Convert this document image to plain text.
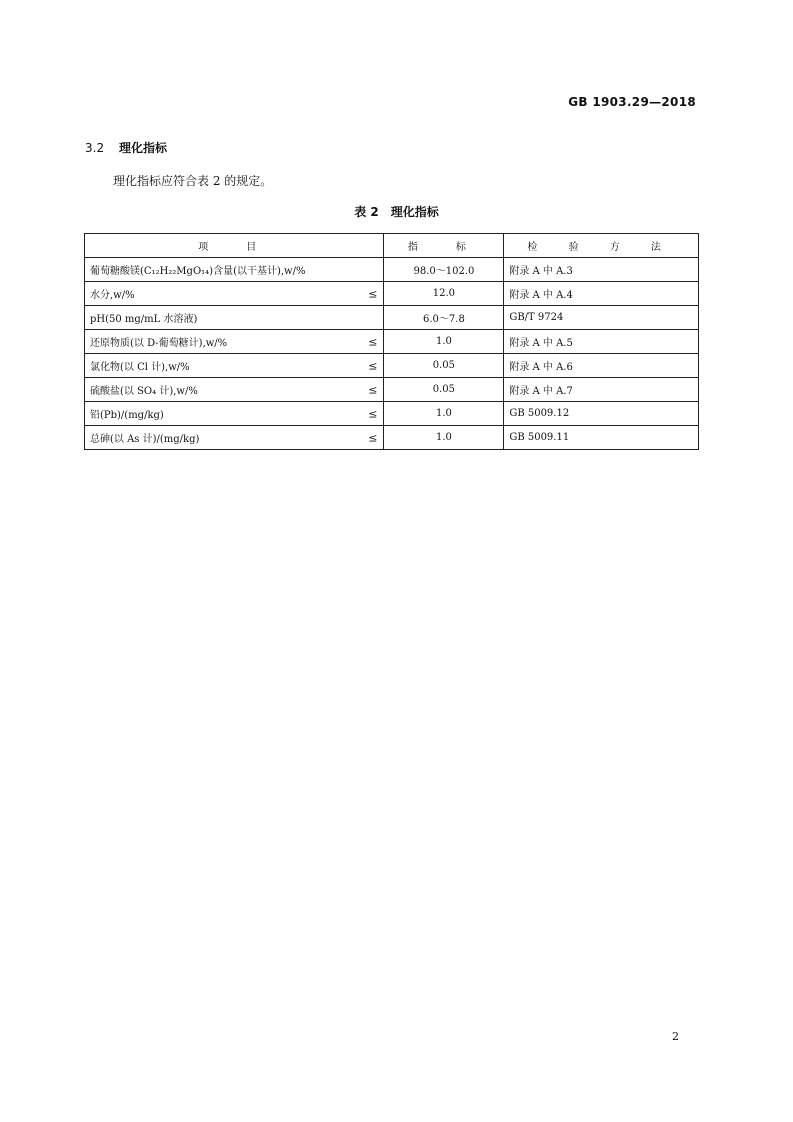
GB 1903.29—2018
3.2 理化指标
理化指标应符合表 2 的规定。
表 2 理化指标
项　目	指　标	检 验 方 法
葡萄糖酸镁(C₁₂H₂₂MgO₁₄)含量(以干基计),w/%	98.0～102.0	附录 A 中 A.3
水分,w/% ≤	12.0	附录 A 中 A.4
pH(50 mg/mL 水溶液)	6.0～7.8	GB/T 9724
还原物质(以 D-葡萄糖计),w/% ≤	1.0	附录 A 中 A.5
氯化物(以 Cl 计),w/% ≤	0.05	附录 A 中 A.6
硫酸盐(以 SO₄ 计),w/% ≤	0.05	附录 A 中 A.7
铅(Pb)/(mg/kg) ≤	1.0	GB 5009.12
总砷(以 As 计)/(mg/kg) ≤	1.0	GB 5009.11
2
